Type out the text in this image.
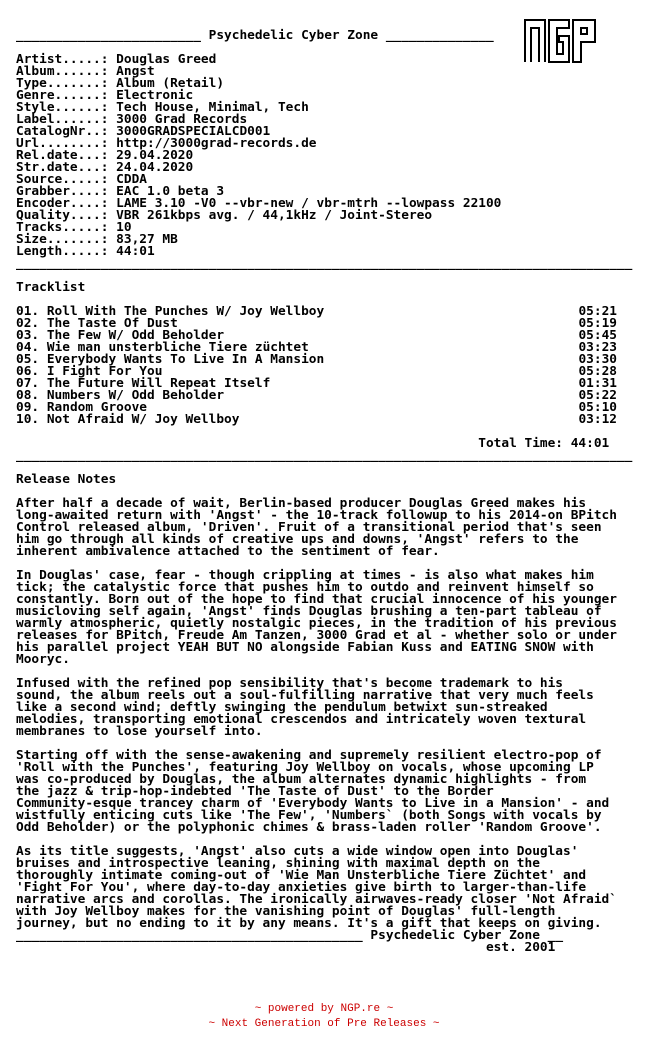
________________________ Psychedelic Cyber Zone ______________

Artist.....: Douglas Greed
Album......: Angst
Type.......: Album (Retail)
Genre......: Electronic
Style......: Tech House, Minimal, Tech
Label......: 3000 Grad Records
CatalogNr..: 3000GRADSPECIALCD001
Url........: http://3000grad-records.de
Rel.date...: 29.04.2020
Str.date...: 24.04.2020
Source.....: CDDA
Grabber....: EAC 1.0 beta 3
Encoder....: LAME 3.10 -V0 --vbr-new / vbr-mtrh --lowpass 22100
Quality....: VBR 261kbps avg. / 44,1kHz / Joint-Stereo
Tracks.....: 10
Size.......: 83,27 MB
Length.....: 44:01
________________________________________________________________________________

Tracklist

01. Roll With The Punches W/ Joy Wellboy	05:21
02. The Taste Of Dust	05:19
03. The Few W/ Odd Beholder	05:45
04. Wie man unsterbliche Tiere züchtet	03:23
05. Everybody Wants To Live In A Mansion	03:30
06. I Fight For You	05:28
07. The Future Will Repeat Itself	01:31
08. Numbers W/ Odd Beholder	05:22
09. Random Groove	05:10
10. Not Afraid W/ Joy Wellboy	03:12

Total Time: 44:01
________________________________________________________________________________

Release Notes

After half a decade of wait, Berlin-based producer Douglas Greed makes his
long-awaited return with 'Angst' - the 10-track followup to his 2014-on BPitch
Control released album, 'Driven'. Fruit of a transitional period that's seen
him go through all kinds of creative ups and downs, 'Angst' refers to the
inherent ambivalence attached to the sentiment of fear.

In Douglas' case, fear - though crippling at times - is also what makes him
tick; the catalystic force that pushes him to outdo and reinvent himself so
constantly. Born out of the hope to find that crucial innocence of his younger
musicloving self again, 'Angst' finds Douglas brushing a ten-part tableau of
warmly atmospheric, quietly nostalgic pieces, in the tradition of his previous
releases for BPitch, Freude Am Tanzen, 3000 Grad et al - whether solo or under
his parallel project YEAH BUT NO alongside Fabian Kuss and EATING SNOW with
Mooryc.

Infused with the refined pop sensibility that's become trademark to his
sound, the album reels out a soul-fulfilling narrative that very much feels
like a second wind; deftly swinging the pendulum betwixt sun-streaked
melodies, transporting emotional crescendos and intricately woven textural
membranes to lose yourself into.

Starting off with the sense-awakening and supremely resilient electro-pop of
'Roll with the Punches', featuring Joy Wellboy on vocals, whose upcoming LP
was co-produced by Douglas, the album alternates dynamic highlights - from
the jazz & trip-hop-indebted 'The Taste of Dust' to the Border
Community-esque trancey charm of 'Everybody Wants to Live in a Mansion' - and
wistfully enticing cuts like 'The Few', 'Numbers` (both Songs with vocals by
Odd Beholder) or the polyphonic chimes & brass-laden roller 'Random Groove'.

As its title suggests, 'Angst' also cuts a wide window open into Douglas'
bruises and introspective leaning, shining with maximal depth on the
thoroughly intimate coming-out of 'Wie Man Unsterbliche Tiere Züchtet' and
'Fight For You', where day-to-day anxieties give birth to larger-than-life
narrative arcs and corollas. The ironically airwaves-ready closer 'Not Afraid`
with Joy Wellboy makes for the vanishing point of Douglas' full-length
journey, but no ending to it by any means. It's a gift that keeps on giving.
_____________________________________________ Psychedelic Cyber Zone __
est. 2001
~ powered by NGP.re ~
~ Next Generation of Pre Releases ~
